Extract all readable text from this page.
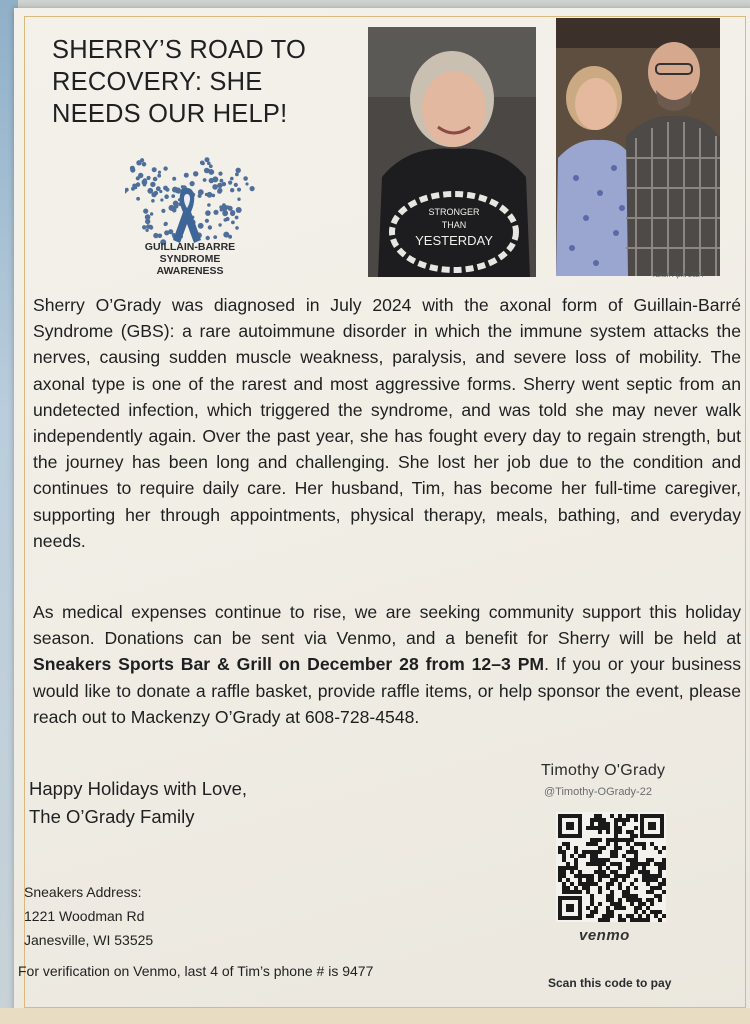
SHERRY’S ROAD TO RECOVERY: SHE NEEDS OUR HELP!
GUILLAIN-BARRE
SYNDROME
AWARENESS
STRONGER
THAN
YESTERDAY
Taken April 2024
Sherry O’Grady was diagnosed in July 2024 with the axonal form of Guillain-Barré Syndrome (GBS): a rare autoimmune disorder in which the immune system attacks the nerves, causing sudden muscle weakness, paralysis, and severe loss of mobility. The axonal type is one of the rarest and most aggressive forms. Sherry went septic from an undetected infection, which triggered the syndrome, and was told she may never walk independently again. Over the past year, she has fought every day to regain strength, but the journey has been long and challenging. She lost her job due to the condition and continues to require daily care. Her husband, Tim, has become her full-time caregiver, supporting her through appointments, physical therapy, meals, bathing, and everyday needs.
As medical expenses continue to rise, we are seeking community support this holiday season. Donations can be sent via Venmo, and a benefit for Sherry will be held at Sneakers Sports Bar & Grill on December 28 from 12–3 PM. If you or your business would like to donate a raffle basket, provide raffle items, or help sponsor the event, please reach out to Mackenzy O’Grady at 608-728-4548.
Happy Holidays with Love,
The O’Grady Family
Timothy O'Grady
@Timothy-OGrady-22
venmo
Scan this code to pay
Sneakers Address:
1221 Woodman Rd
Janesville, WI 53525
For verification on Venmo, last 4 of Tim’s phone # is 9477
